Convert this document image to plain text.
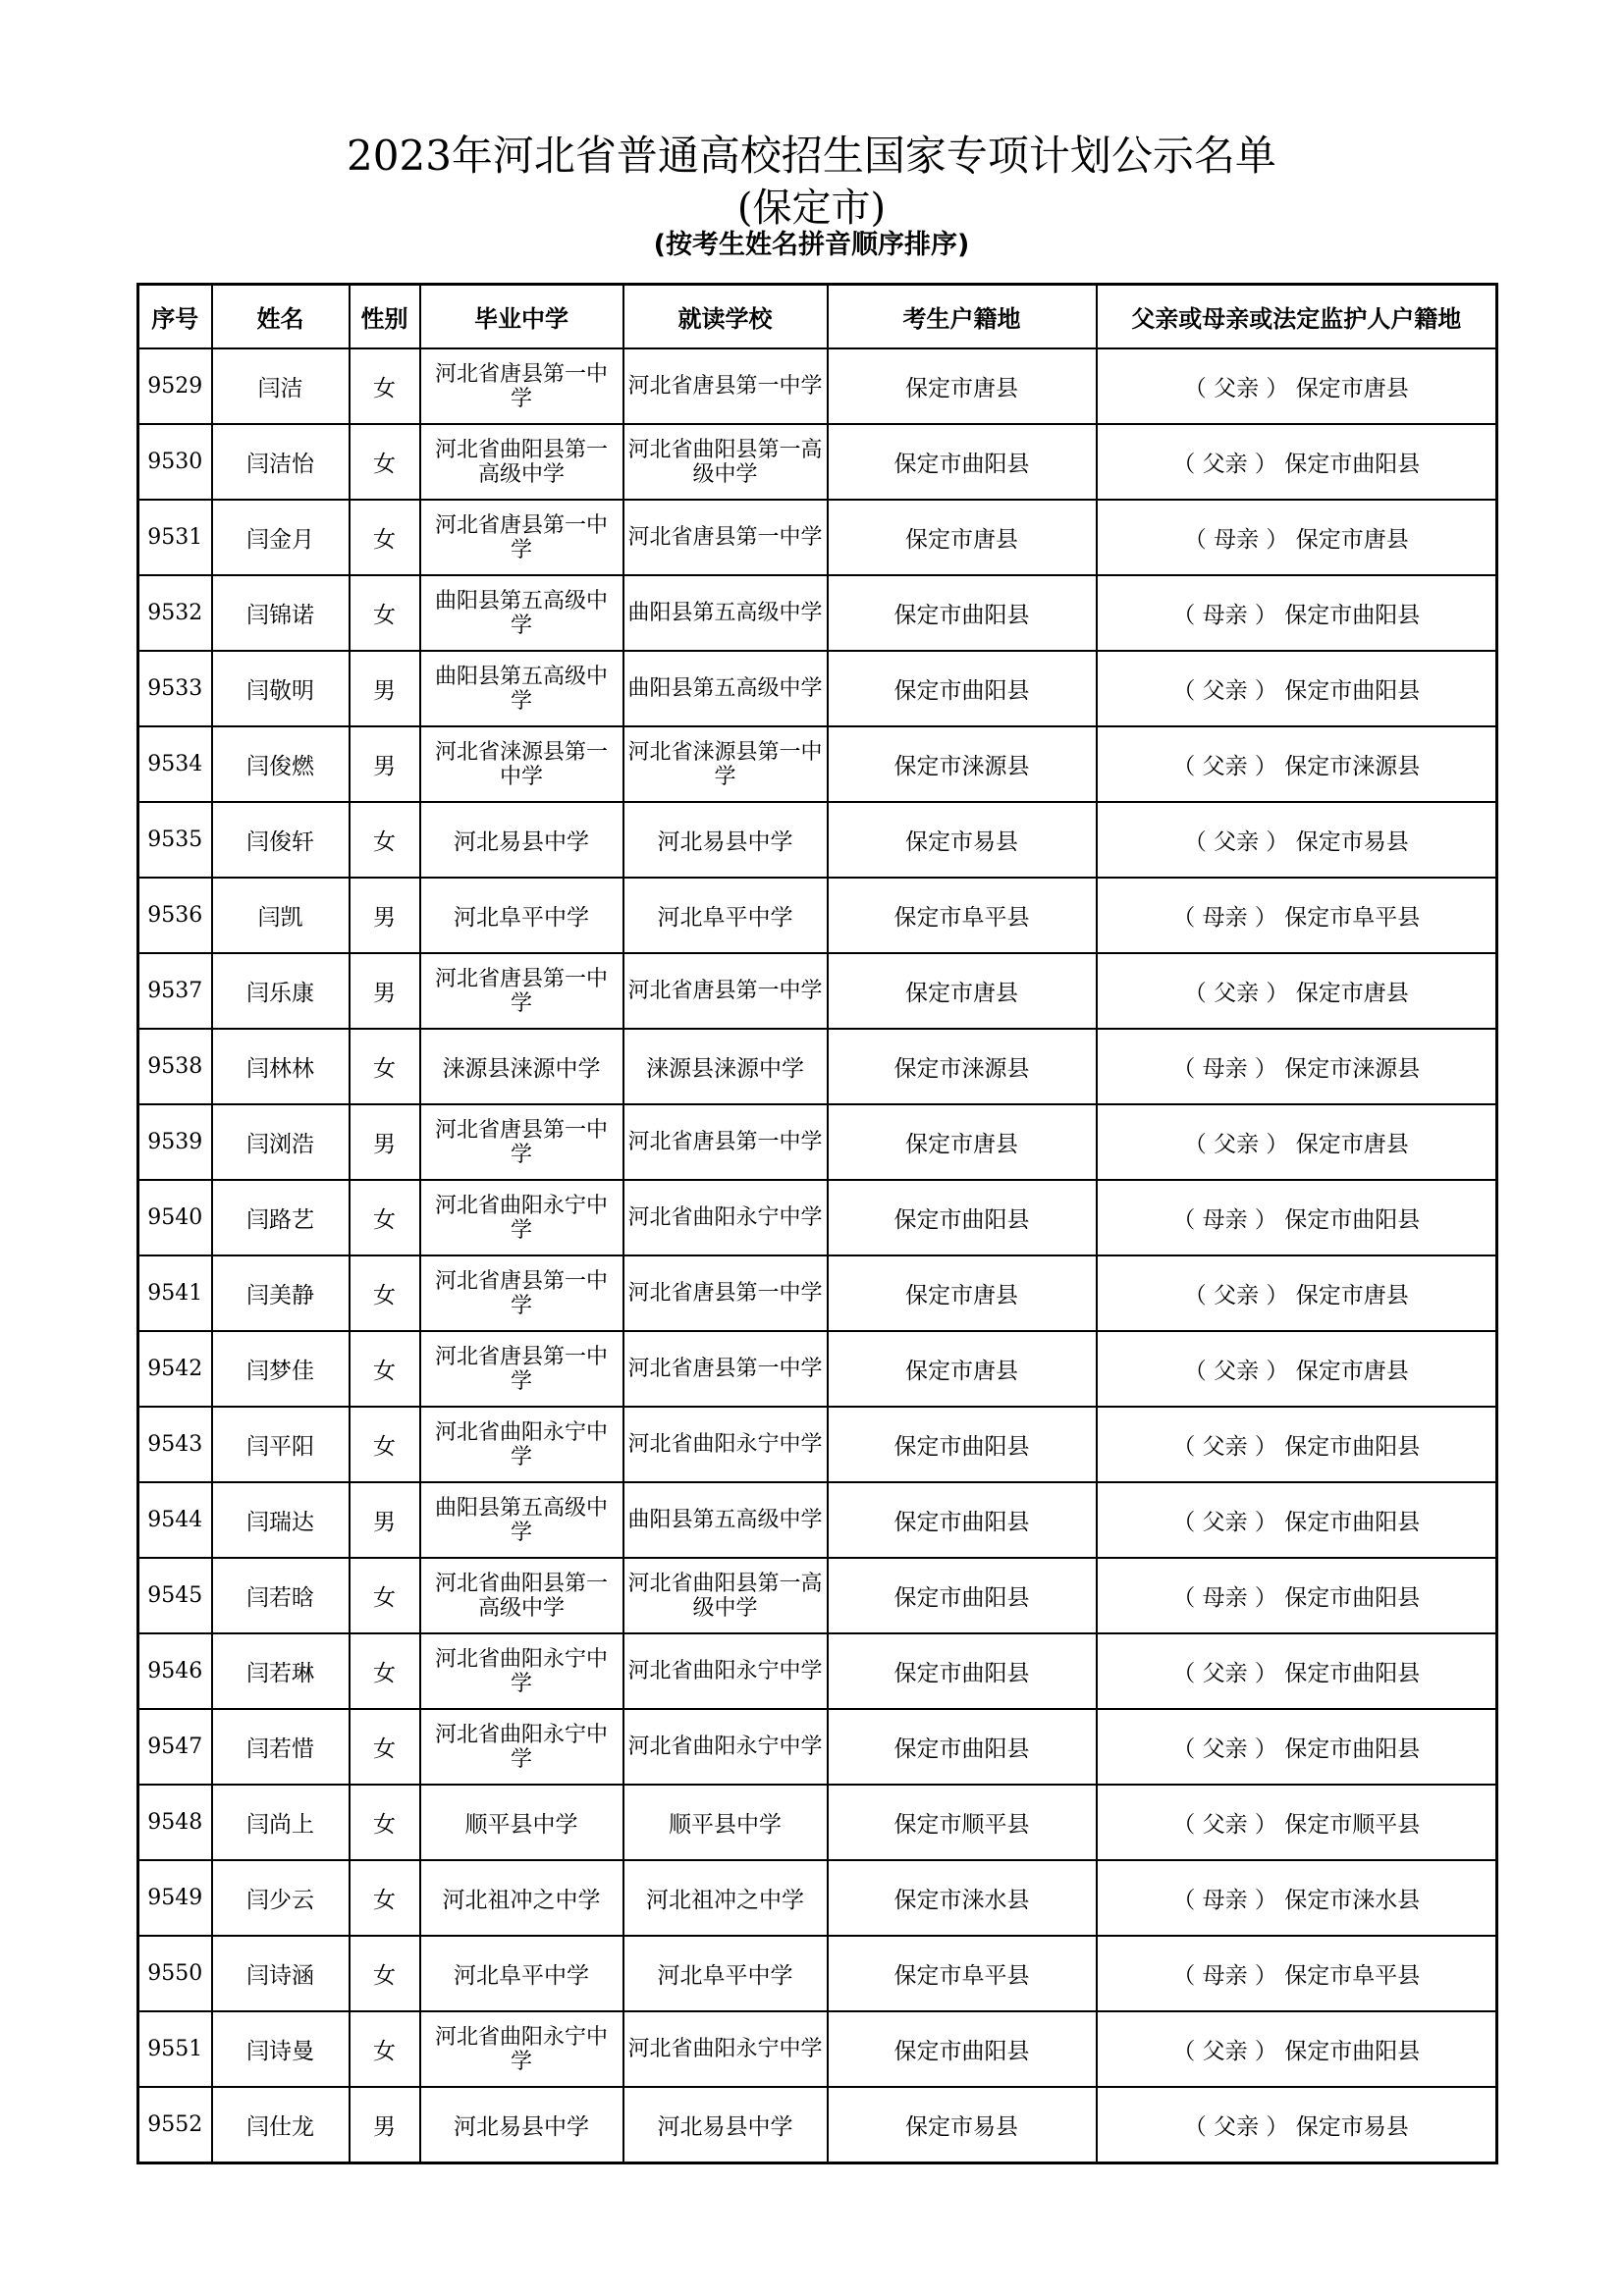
2023年河北省普通高校招生国家专项计划公示名单
(保定市)
(按考生姓名拼音顺序排序)
序号	姓名	性别	毕业中学	就读学校	考生户籍地	父亲或母亲或法定监护人户籍地
9529	闫洁	女	河北省唐县第一中学	河北省唐县第一中学	保定市唐县	（ 父亲 ） 保定市唐县
9530	闫洁怡	女	河北省曲阳县第一高级中学	河北省曲阳县第一高级中学	保定市曲阳县	（ 父亲 ） 保定市曲阳县
9531	闫金月	女	河北省唐县第一中学	河北省唐县第一中学	保定市唐县	（ 母亲 ） 保定市唐县
9532	闫锦诺	女	曲阳县第五高级中学	曲阳县第五高级中学	保定市曲阳县	（ 母亲 ） 保定市曲阳县
9533	闫敬明	男	曲阳县第五高级中学	曲阳县第五高级中学	保定市曲阳县	（ 父亲 ） 保定市曲阳县
9534	闫俊燃	男	河北省涞源县第一中学	河北省涞源县第一中学	保定市涞源县	（ 父亲 ） 保定市涞源县
9535	闫俊轩	女	河北易县中学	河北易县中学	保定市易县	（ 父亲 ） 保定市易县
9536	闫凯	男	河北阜平中学	河北阜平中学	保定市阜平县	（ 母亲 ） 保定市阜平县
9537	闫乐康	男	河北省唐县第一中学	河北省唐县第一中学	保定市唐县	（ 父亲 ） 保定市唐县
9538	闫林林	女	涞源县涞源中学	涞源县涞源中学	保定市涞源县	（ 母亲 ） 保定市涞源县
9539	闫浏浩	男	河北省唐县第一中学	河北省唐县第一中学	保定市唐县	（ 父亲 ） 保定市唐县
9540	闫路艺	女	河北省曲阳永宁中学	河北省曲阳永宁中学	保定市曲阳县	（ 母亲 ） 保定市曲阳县
9541	闫美静	女	河北省唐县第一中学	河北省唐县第一中学	保定市唐县	（ 父亲 ） 保定市唐县
9542	闫梦佳	女	河北省唐县第一中学	河北省唐县第一中学	保定市唐县	（ 父亲 ） 保定市唐县
9543	闫平阳	女	河北省曲阳永宁中学	河北省曲阳永宁中学	保定市曲阳县	（ 父亲 ） 保定市曲阳县
9544	闫瑞达	男	曲阳县第五高级中学	曲阳县第五高级中学	保定市曲阳县	（ 父亲 ） 保定市曲阳县
9545	闫若晗	女	河北省曲阳县第一高级中学	河北省曲阳县第一高级中学	保定市曲阳县	（ 母亲 ） 保定市曲阳县
9546	闫若琳	女	河北省曲阳永宁中学	河北省曲阳永宁中学	保定市曲阳县	（ 父亲 ） 保定市曲阳县
9547	闫若惜	女	河北省曲阳永宁中学	河北省曲阳永宁中学	保定市曲阳县	（ 父亲 ） 保定市曲阳县
9548	闫尚上	女	顺平县中学	顺平县中学	保定市顺平县	（ 父亲 ） 保定市顺平县
9549	闫少云	女	河北祖冲之中学	河北祖冲之中学	保定市涞水县	（ 母亲 ） 保定市涞水县
9550	闫诗涵	女	河北阜平中学	河北阜平中学	保定市阜平县	（ 母亲 ） 保定市阜平县
9551	闫诗曼	女	河北省曲阳永宁中学	河北省曲阳永宁中学	保定市曲阳县	（ 父亲 ） 保定市曲阳县
9552	闫仕龙	男	河北易县中学	河北易县中学	保定市易县	（ 父亲 ） 保定市易县
